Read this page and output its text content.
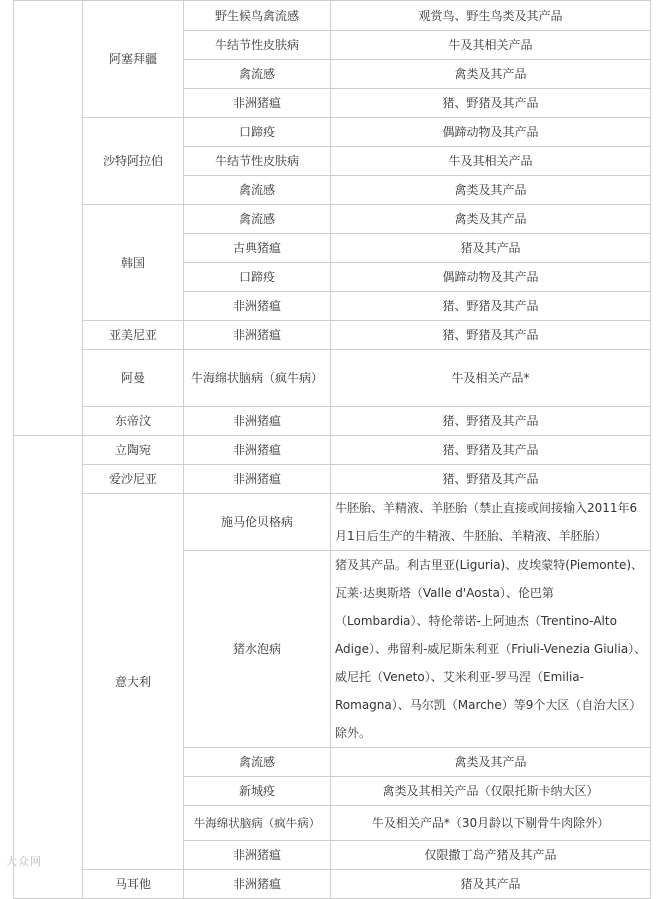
	阿塞拜疆	野生候鸟禽流感	观赏鸟、野生鸟类及其产品
		牛结节性皮肤病	牛及其相关产品
		禽流感	禽类及其产品
		非洲猪瘟	猪、野猪及其产品
	沙特阿拉伯	口蹄疫	偶蹄动物及其产品
		牛结节性皮肤病	牛及其相关产品
		禽流感	禽类及其产品
	韩国	禽流感	禽类及其产品
		古典猪瘟	猪及其产品
		口蹄疫	偶蹄动物及其产品
		非洲猪瘟	猪、野猪及其产品
	亚美尼亚	非洲猪瘟	猪、野猪及其产品
	阿曼	牛海绵状脑病（疯牛病）	牛及相关产品*
	东帝汶	非洲猪瘟	猪、野猪及其产品
	立陶宛	非洲猪瘟	猪、野猪及其产品
	爱沙尼亚	非洲猪瘟	猪、野猪及其产品
	意大利	施马伦贝格病	牛胚胎、羊精液、羊胚胎（禁止直接或间接输入2011年6月1日后生产的牛精液、牛胚胎、羊精液、羊胚胎）
		猪水泡病	猪及其产品。利古里亚(Liguria)、皮埃蒙特(Piemonte)、瓦莱·达奥斯塔（Valle d'Aosta）、伦巴第（Lombardia）、特伦蒂诺-上阿迪杰（Trentino-Alto Adige）、弗留利-威尼斯朱利亚（Friuli-Venezia Giulia）、威尼托（Veneto）、艾米利亚-罗马涅（Emilia-Romagna）、马尔凯（Marche）等9个大区（自治大区）除外。
		禽流感	禽类及其产品
		新城疫	禽类及其相关产品（仅限托斯卡纳大区）
		牛海绵状脑病（疯牛病）	牛及相关产品*（30月龄以下剔骨牛肉除外）
		非洲猪瘟	仅限撒丁岛产猪及其产品
	马耳他	非洲猪瘟	猪及其产品
大众网
